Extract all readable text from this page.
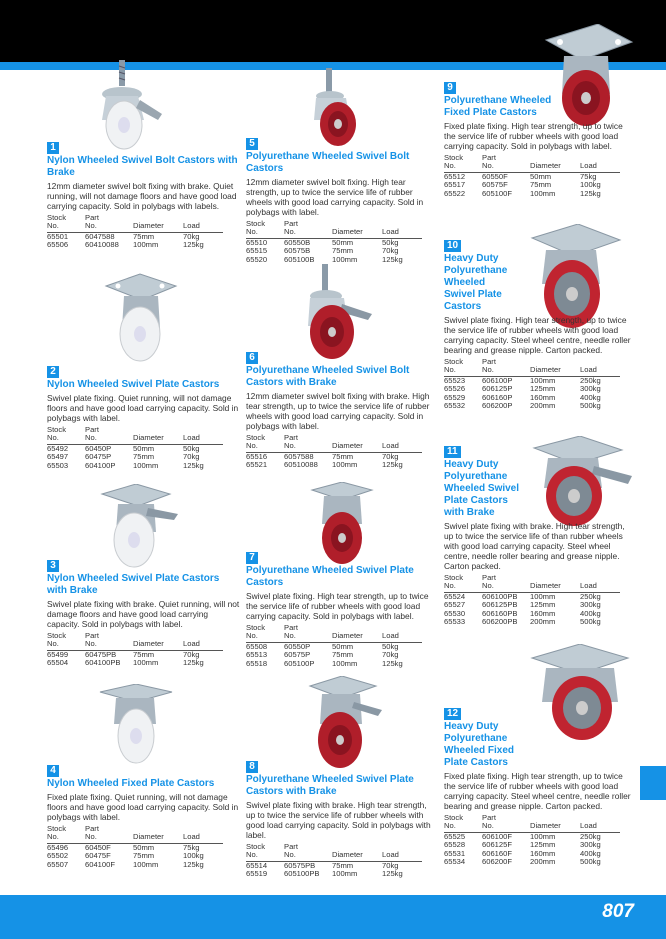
1
Nylon Wheeled Swivel Bolt Castors with Brake
12mm diameter swivel bolt fixing with brake. Quiet running, will not damage floors and have good load carrying capacity. Sold in polybags with labels.
Stock
No.	Part
No.	Diameter	Load
65501	6047588	75mm	70kg
65506	60410088	100mm	125kg
2
Nylon Wheeled Swivel Plate Castors
Swivel plate fixing. Quiet running, will not damage floors and have good load carrying capacity. Sold in polybags with label.
Stock
No.	Part
No.	Diameter	Load
65492	60450P	50mm	50kg
65497	60475P	75mm	70kg
65503	604100P	100mm	125kg
3
Nylon Wheeled Swivel Plate Castors with Brake
Swivel plate fixing with brake. Quiet running, will not damage floors and have good load carrying capacity. Sold in polybags with label.
Stock
No.	Part
No.	Diameter	Load
65499	60475PB	75mm	70kg
65504	604100PB	100mm	125kg
4
Nylon Wheeled Fixed Plate Castors
Fixed plate fixing. Quiet running, will not damage floors and have good load carrying capacity. Sold in polybags with label.
Stock
No.	Part
No.	Diameter	Load
65496	60450F	50mm	75kg
65502	60475F	75mm	100kg
65507	604100F	100mm	125kg
5
Polyurethane Wheeled Swivel Bolt Castors
12mm diameter swivel bolt fixing. High tear strength, up to twice the service life of rubber wheels with good load carrying capacity. Sold in polybags with label.
Stock
No.	Part
No.	Diameter	Load
65510	60550B	50mm	50kg
65515	60575B	75mm	70kg
65520	605100B	100mm	125kg
6
Polyurethane Wheeled Swivel Bolt Castors with Brake
12mm diameter swivel bolt fixing with brake. High tear strength, up to twice the service life of rubber wheels with good load carrying capacity. Sold in polybags with label.
Stock
No.	Part
No.	Diameter	Load
65516	6057588	75mm	70kg
65521	60510088	100mm	125kg
7
Polyurethane Wheeled Swivel Plate Castors
Swivel plate fixing. High tear strength, up to twice the service life of rubber wheels with good load carrying capacity. Sold in polybags with label.
Stock
No.	Part
No.	Diameter	Load
65508	60550P	50mm	50kg
65513	60575P	75mm	70kg
65518	605100P	100mm	125kg
8
Polyurethane Wheeled Swivel Plate Castors with Brake
Swivel plate fixing with brake. High tear strength, up to twice the service life of rubber wheels with good load carrying capacity. Sold in polybags with label.
Stock
No.	Part
No.	Diameter	Load
65514	60575PB	75mm	70kg
65519	605100PB	100mm	125kg
9
Polyurethane Wheeled Fixed Plate Castors
Fixed plate fixing. High tear strength, up to twice the service life of rubber wheels with good load carrying capacity. Sold in polybags with label.
Stock
No.	Part
No.	Diameter	Load
65512	60550F	50mm	75kg
65517	60575F	75mm	100kg
65522	605100F	100mm	125kg
10
Heavy Duty Polyurethane Wheeled Swivel Plate Castors
Swivel plate fixing. High tear strength, up to twice the service life of rubber wheels with good load carrying capacity. Steel wheel centre, needle roller bearing and grease nipple. Carton packed.
Stock
No.	Part
No.	Diameter	Load
65523	606100P	100mm	250kg
65526	606125P	125mm	300kg
65529	606160P	160mm	400kg
65532	606200P	200mm	500kg
11
Heavy Duty Polyurethane Wheeled Swivel Plate Castors with Brake
Swivel plate fixing with brake. High tear strength, up to twice the service life of than rubber wheels with good load carrying capacity. Steel wheel centre, needle roller bearing and grease nipple. Carton packed.
Stock
No.	Part
No.	Diameter	Load
65524	606100PB	100mm	250kg
65527	606125PB	125mm	300kg
65530	606160PB	160mm	400kg
65533	606200PB	200mm	500kg
12
Heavy Duty Polyurethane Wheeled Fixed Plate Castors
Fixed plate fixing. High tear strength, up to twice the service life of rubber wheels with good load carrying capacity. Steel wheel centre, needle roller bearing and grease nipple. Carton packed.
Stock
No.	Part
No.	Diameter	Load
65525	606100F	100mm	250kg
65528	606125F	125mm	300kg
65531	606160F	160mm	400kg
65534	606200F	200mm	500kg
807
